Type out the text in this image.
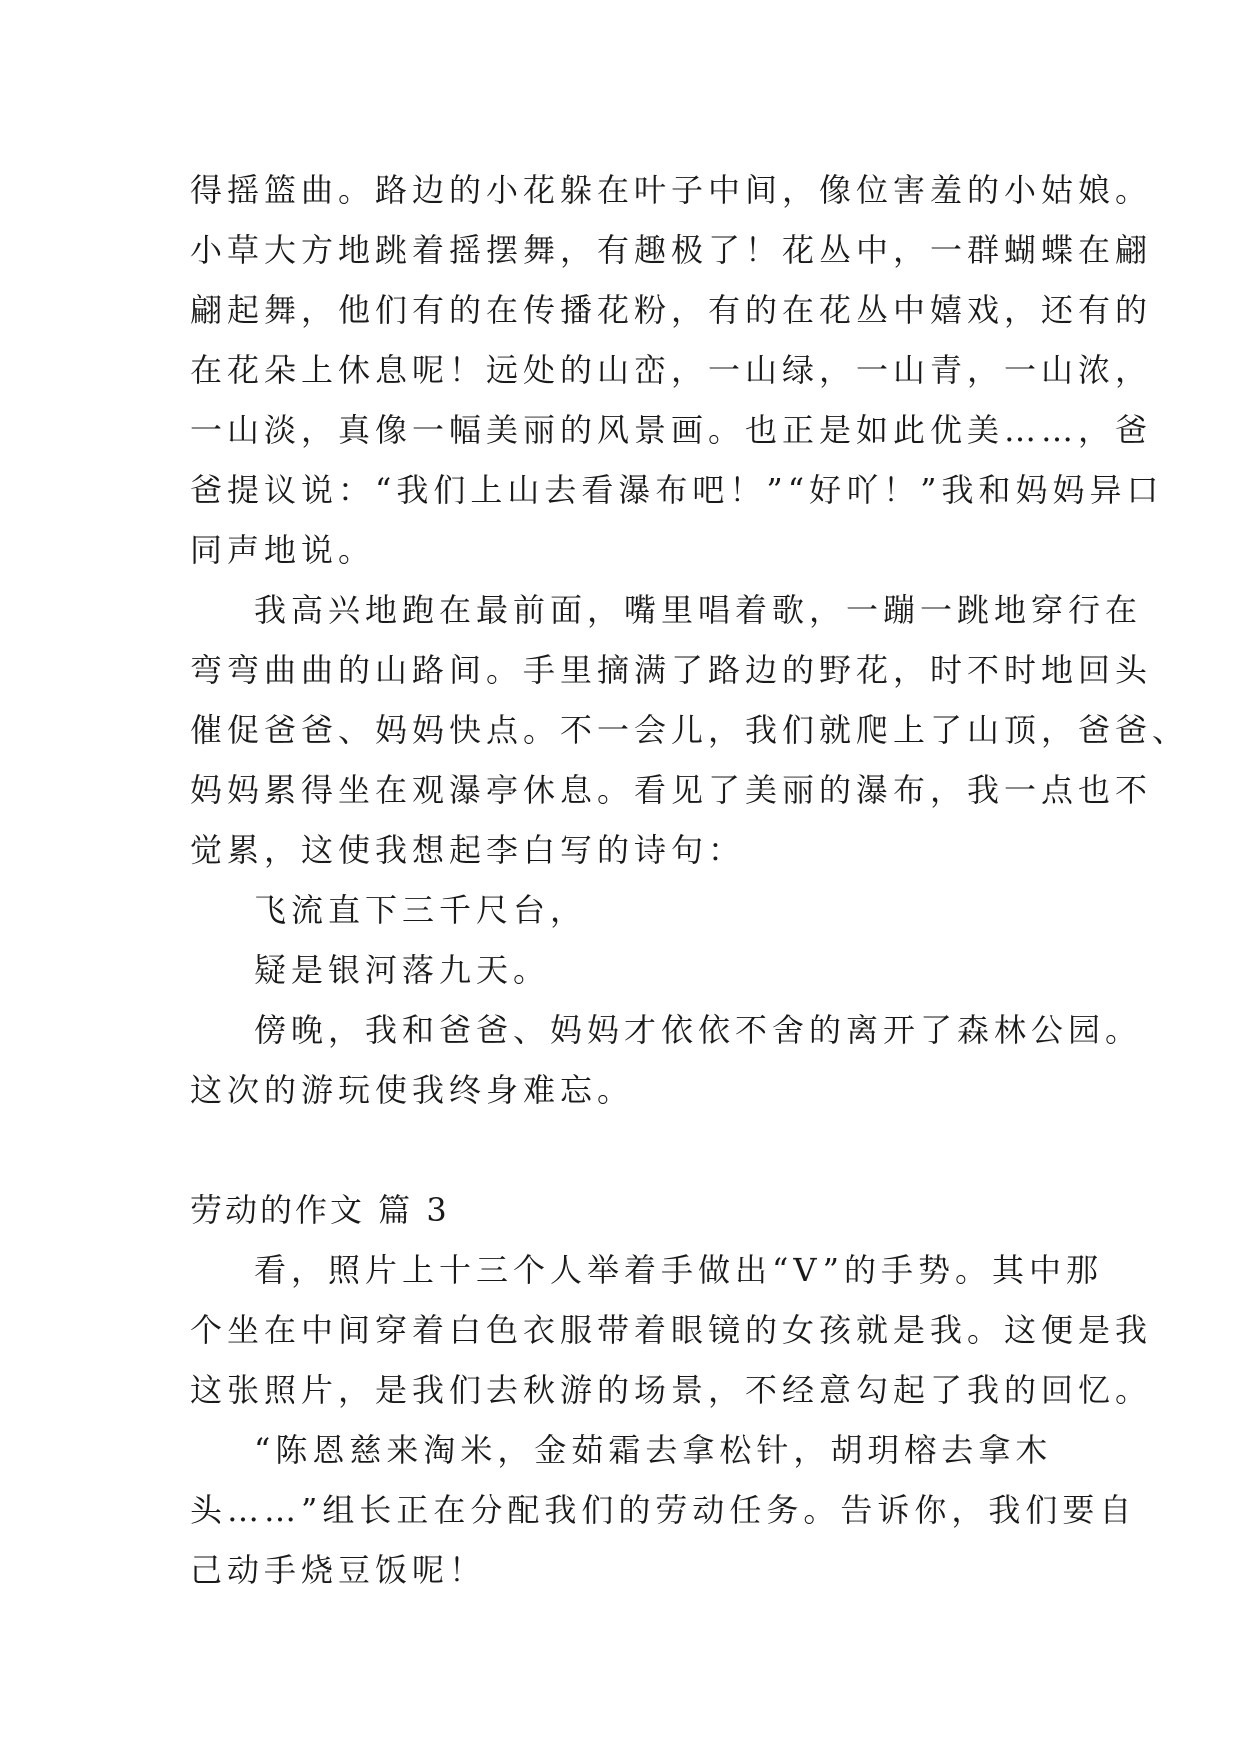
得摇篮曲。路边的小花躲在叶子中间，像位害羞的小姑娘。
小草大方地跳着摇摆舞，有趣极了！花丛中，一群蝴蝶在翩
翩起舞，他们有的在传播花粉，有的在花丛中嬉戏，还有的
在花朵上休息呢！远处的山峦，一山绿，一山青，一山浓，
一山淡，真像一幅美丽的风景画。也正是如此优美……，爸
爸提议说：“我们上山去看瀑布吧！”“好吖！”我和妈妈异口
同声地说。
我高兴地跑在最前面，嘴里唱着歌，一蹦一跳地穿行在
弯弯曲曲的山路间。手里摘满了路边的野花，时不时地回头
催促爸爸、妈妈快点。不一会儿，我们就爬上了山顶，爸爸、
妈妈累得坐在观瀑亭休息。看见了美丽的瀑布，我一点也不
觉累，这使我想起李白写的诗句：
飞流直下三千尺台，
疑是银河落九天。
傍晚，我和爸爸、妈妈才依依不舍的离开了森林公园。
这次的游玩使我终身难忘。
劳动的作文 篇 3
看，照片上十三个人举着手做出“V”的手势。其中那
个坐在中间穿着白色衣服带着眼镜的女孩就是我。这便是我
这张照片，是我们去秋游的场景，不经意勾起了我的回忆。
“陈恩慈来淘米，金茹霜去拿松针，胡玥榕去拿木
头……”组长正在分配我们的劳动任务。告诉你，我们要自
己动手烧豆饭呢！
